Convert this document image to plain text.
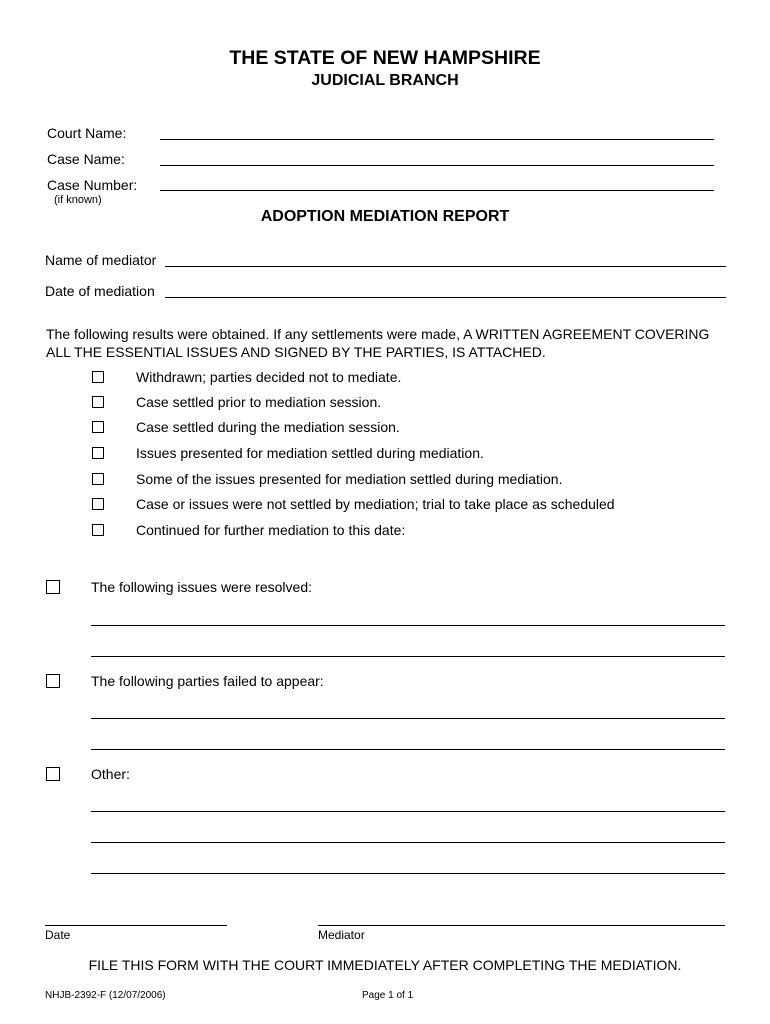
THE STATE OF NEW HAMPSHIRE
JUDICIAL BRANCH
Court Name:
Case Name:
Case Number:
(if known)
ADOPTION MEDIATION REPORT
Name of mediator
Date of mediation
The following results were obtained. If any settlements were made, A WRITTEN AGREEMENT COVERING ALL THE ESSENTIAL ISSUES AND SIGNED BY THE PARTIES, IS ATTACHED.
Withdrawn; parties decided not to mediate.
Case settled prior to mediation session.
Case settled during the mediation session.
Issues presented for mediation settled during mediation.
Some of the issues presented for mediation settled during mediation.
Case or issues were not settled by mediation; trial to take place as scheduled
Continued for further mediation to this date:
The following issues were resolved:
The following parties failed to appear:
Other:
Date	Mediator
FILE THIS FORM WITH THE COURT IMMEDIATELY AFTER COMPLETING THE MEDIATION.
NHJB-2392-F (12/07/2006)	Page 1 of 1
